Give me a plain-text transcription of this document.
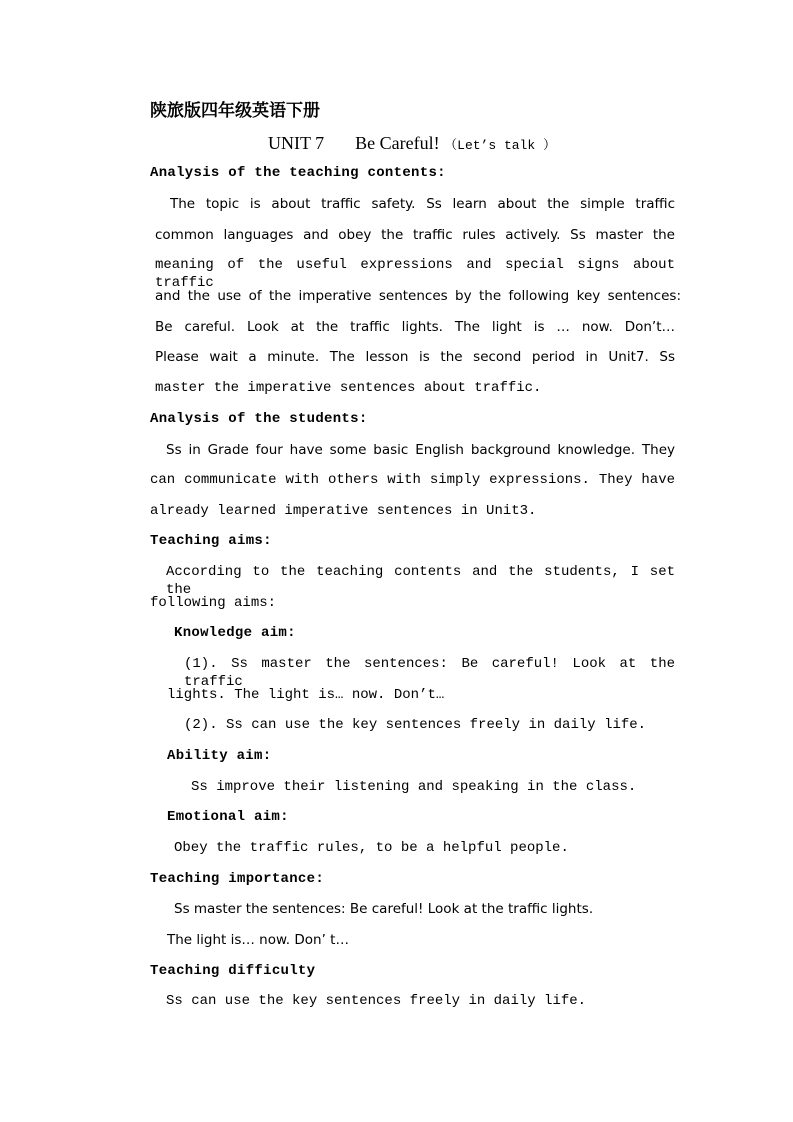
陕旅版四年级英语下册
UNIT 7 Be Careful! （Let’s talk ）
Analysis of the teaching contents:
The topic is about traffic safety. Ss learn about the simple traffic
common languages and obey the traffic rules actively. Ss master the
meaning of the useful expressions and special signs about traffic
and the use of the imperative sentences by the following key sentences:
Be careful. Look at the traffic lights. The light is … now. Don’t…
Please wait a minute. The lesson is the second period in Unit7. Ss
master the imperative sentences about traffic.
Analysis of the students:
Ss in Grade four have some basic English background knowledge. They
can communicate with others with simply expressions. They have
already learned imperative sentences in Unit3.
Teaching aims:
According to the teaching contents and the students, I set the
following aims:
Knowledge aim:
(1). Ss master the sentences: Be careful! Look at the traffic
lights. The light is… now. Don’t…
(2). Ss can use the key sentences freely in daily life.
Ability aim:
Ss improve their listening and speaking in the class.
Emotional aim:
Obey the traffic rules, to be a helpful people.
Teaching importance:
Ss master the sentences: Be careful! Look at the traffic lights.
The light is… now. Don’ t…
Teaching difficulty
Ss can use the key sentences freely in daily life.
